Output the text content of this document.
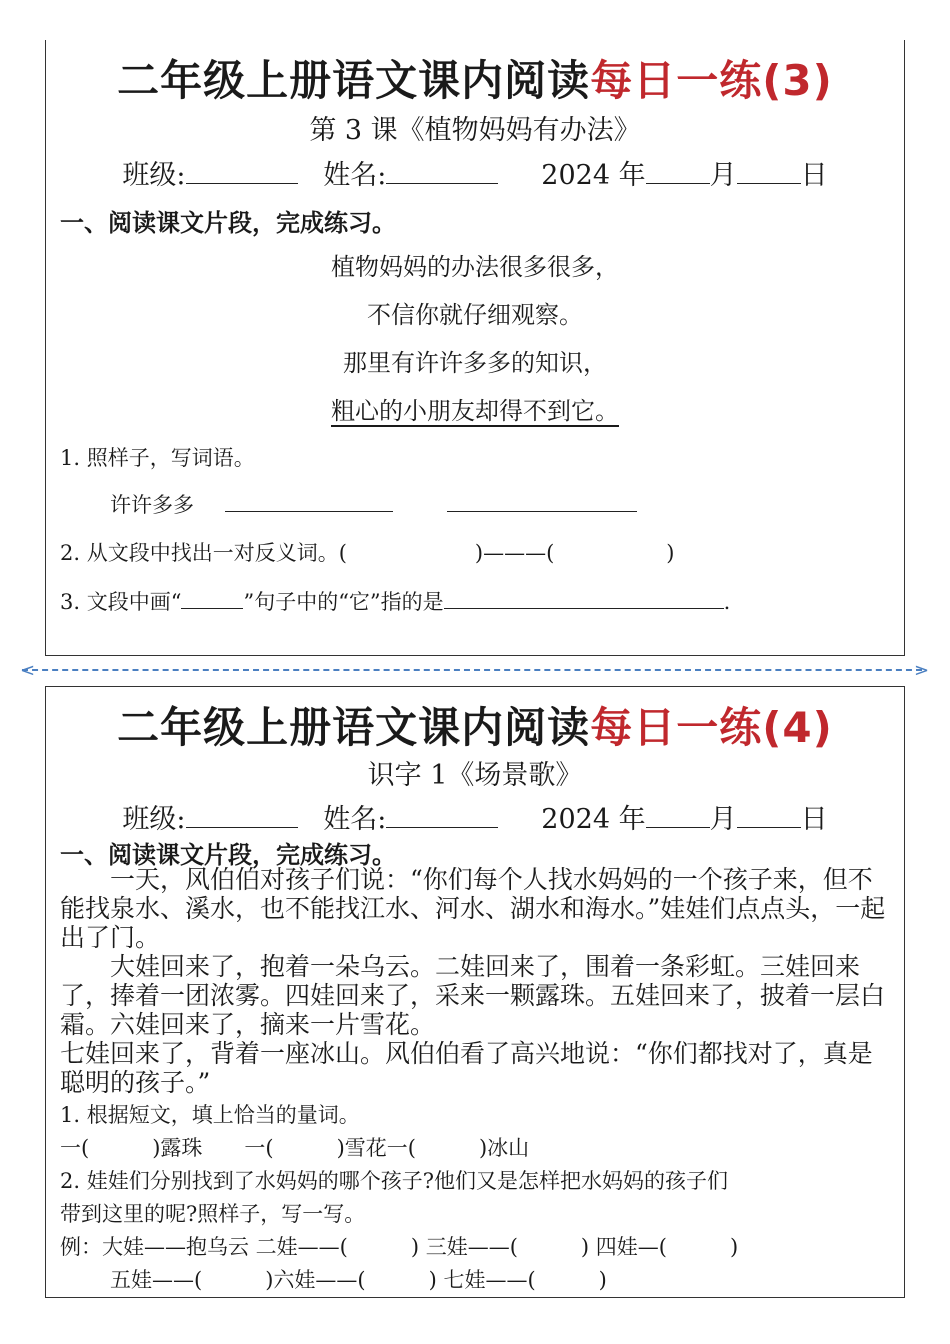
二年级上册语文课内阅读每日一练(3)
第 3 课《植物妈妈有办法》
班级:	姓名:	2024 年 月 日
一、阅读课文片段，完成练习。
植物妈妈的办法很多很多，
不信你就仔细观察。
那里有许许多多的知识，
粗心的小朋友却得不到它。
1. 照样子，写词语。
许许多多
2. 从文段中找出一对反义词。(	)———(	)
3. 文段中画“	”句子中的“它”指的是	.
<	>
二年级上册语文课内阅读每日一练(4)
识字 1《场景歌》
班级:	姓名:	2024 年 月 日
一、阅读课文片段，完成练习。

一天，风伯伯对孩子们说：“你们每个人找水妈妈的一个孩子来，但不能找泉水、溪水，也不能找江水、河水、湖水和海水。”娃娃们点点头，一起出了门。

大娃回来了，抱着一朵乌云。二娃回来了，围着一条彩虹。三娃回来了，捧着一团浓雾。四娃回来了，采来一颗露珠。五娃回来了，披着一层白霜。六娃回来了，摘来一片雪花。

七娃回来了，背着一座冰山。风伯伯看了高兴地说：“你们都找对了，真是聪明的孩子。”

1. 根据短文，填上恰当的量词。
一(　　　)露珠　　一(　　　)雪花一(　　　)冰山
2. 娃娃们分别找到了水妈妈的哪个孩子?他们又是怎样把水妈妈的孩子们
带到这里的呢?照样子，写一写。
例：大娃——抱乌云 二娃——(　　　) 三娃——(　　　) 四娃—(　　　)
五娃——(　　　)六娃——(　　　) 七娃——(　　　)
